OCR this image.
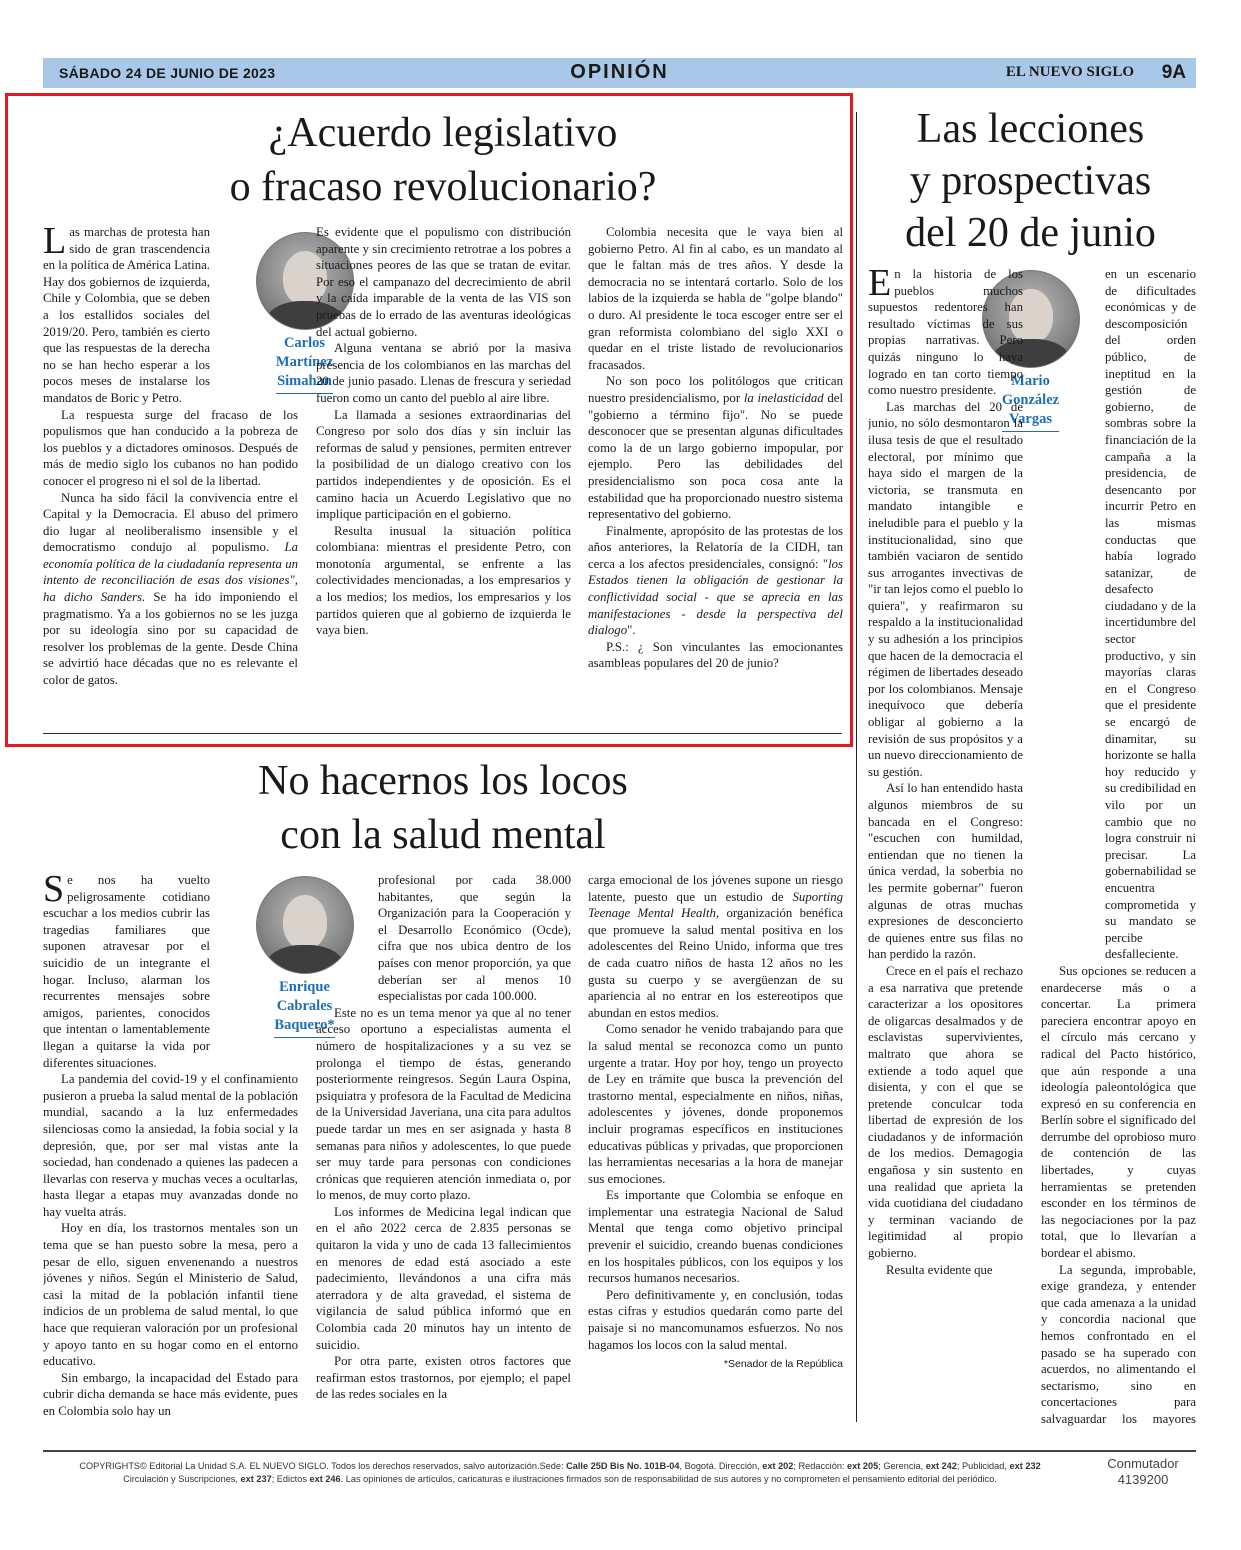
SÁBADO 24 DE JUNIO DE 2023	OPINIÓN	EL NUEVO SIGLO 9A
¿Acuerdo legislativo
o fracaso revolucionario?

Las marchas de protesta han sido de gran trascendencia en la política de América Latina. Hay dos gobiernos de izquierda, Chile y Colombia, que se deben a los estallidos sociales del 2019/20. Pero, también es cierto que las respuestas de la derecha no se han hecho esperar a los pocos meses de instalarse los mandatos de Boric y Petro.

La respuesta surge del fracaso de los populismos que han conducido a la pobreza de los pueblos y a dictadores ominosos. Después de más de medio siglo los cubanos no han podido conocer el progreso ni el sol de la libertad.

Nunca ha sido fácil la convivencia entre el Capital y la Democracia. El abuso del primero dio lugar al neoliberalismo insensible y el democratismo condujo al populismo. La economía política de la ciudadanía representa un intento de reconciliación de esas dos visiones", ha dicho Sanders. Se ha ido imponiendo el pragmatismo. Ya a los gobiernos no se les juzga por su ideología sino por su capacidad de resolver los problemas de la gente. Desde China se advirtió hace décadas que no es relevante el color de gatos.

Carlos
Martínez
Simahan

Es evidente que el populismo con distribución aparente y sin crecimiento retrotrae a los pobres a situaciones peores de las que se tratan de evitar. Por eso el campanazo del decrecimiento de abril y la caída imparable de la venta de las VIS son pruebas de lo errado de las aventuras ideológicas del actual gobierno.

Alguna ventana se abrió por la masiva presencia de los colombianos en las marchas del 20 de junio pasado. Llenas de frescura y seriedad fueron como un canto del pueblo al aire libre.

La llamada a sesiones extraordinarias del Congreso por solo dos días y sin incluir las reformas de salud y pensiones, permiten entrever la posibilidad de un dialogo creativo con los partidos independientes y de oposición. Es el camino hacia un Acuerdo Legislativo que no implique participación en el gobierno.

Resulta inusual la situación política colombiana: mientras el presidente Petro, con monotonía argumental, se enfrente a las colectividades mencionadas, a los empresarios y a los medios; los medios, los empresarios y los partidos quieren que al gobierno de izquierda le vaya bien.

Colombia necesita que le vaya bien al gobierno Petro. Al fin al cabo, es un mandato al que le faltan más de tres años. Y desde la democracia no se intentará cortarlo. Solo de los labios de la izquierda se habla de "golpe blando" o duro. Al presidente le toca escoger entre ser el gran reformista colombiano del siglo XXI o quedar en el triste listado de revolucionarios fracasados.

No son poco los politólogos que critican nuestro presidencialismo, por la inelasticidad del "gobierno a término fijo". No se puede desconocer que se presentan algunas dificultades como la de un largo gobierno impopular, por ejemplo. Pero las debilidades del presidencialismo son poca cosa ante la estabilidad que ha proporcionado nuestro sistema representativo del gobierno.

Finalmente, apropósito de las protestas de los años anteriores, la Relatoría de la CIDH, tan cerca a los afectos presidenciales, consignó: "los Estados tienen la obligación de gestionar la conflictividad social - que se aprecia en las manifestaciones - desde la perspectiva del dialogo".

P.S.: ¿ Son vinculantes las emocionantes asambleas populares del 20 de junio?

Las lecciones
y prospectivas
del 20 de junio
Mario
González
Vargas

En la historia de los pueblos muchos supuestos redentores han resultado víctimas de sus propias narrativas. Pero quizás ninguno lo haya logrado en tan corto tiempo como nuestro presidente.

Las marchas del 20 de junio, no sólo desmontaron la ilusa tesis de que el resultado electoral, por mínimo que haya sido el margen de la victoria, se transmuta en mandato intangible e ineludible para el pueblo y la institucionalidad, sino que también vaciaron de sentido sus arrogantes invectivas de "ir tan lejos como el pueblo lo quiera", y reafirmaron su respaldo a la institucionalidad y su adhesión a los principios que hacen de la democracia el régimen de libertades deseado por los colombianos. Mensaje inequívoco que debería obligar al gobierno a la revisión de sus propósitos y a un nuevo direccionamiento de su gestión.

Así lo han entendido hasta algunos miembros de su bancada en el Congreso: "escuchen con humildad, entiendan que no tienen la única verdad, la soberbia no les permite gobernar" fueron algunas de otras muchas expresiones de desconcierto de quienes entre sus filas no han perdido la razón.

Crece en el país el rechazo a esa narrativa que pretende caracterizar a los opositores de oligarcas desalmados y de esclavistas supervivientes, maltrato que ahora se extiende a todo aquel que disienta, y con el que se pretende conculcar toda libertad de expresión de los ciudadanos y de información de los medios. Demagogia engañosa y sin sustento en una realidad que aprieta la vida cuotidiana del ciudadano y terminan vaciando de legitimidad al propio gobierno.

Resulta evidente que

en un escenario de dificultades económicas y de descomposición del orden público, de ineptitud en la gestión de gobierno, de sombras sobre la financiación de la campaña a la presidencia, de desencanto por incurrir Petro en las mismas conductas que había logrado satanizar, de desafecto ciudadano y de la incertidumbre del sector productivo, y sin mayorías claras en el Congreso que el presidente se encargó de dinamitar, su horizonte se halla hoy reducido y su credibilidad en vilo por un cambio que no logra construir ni precisar. La gobernabilidad se encuentra comprometida y su mandato se percibe desfalleciente.

Sus opciones se reducen a enardecerse más o a concertar. La primera pareciera encontrar apoyo en el círculo más cercano y radical del Pacto histórico, que aún responde a una ideología paleontológica que expresó en su conferencia en Berlín sobre el significado del derrumbe del oprobioso muro de contención de las libertades, y cuyas herramientas se pretenden esconder en los términos de las negociaciones por la paz total, que lo llevarían a bordear el abismo.

La segunda, improbable, exige grandeza, y entender que cada amenaza a la unidad y concordia nacional que hemos confrontado en el pasado se ha superado con acuerdos, no alimentando el sectarismo, sino en concertaciones para salvaguardar los mayores

No hacernos los locos
con la salud mental

Se nos ha vuelto peligrosamente cotidiano escuchar a los medios cubrir las tragedias familiares que suponen atravesar por el suicidio de un integrante el hogar. Incluso, alarman los recurrentes mensajes sobre amigos, parientes, conocidos que intentan o lamentablemente llegan a quitarse la vida por diferentes situaciones.

La pandemia del covid-19 y el confinamiento pusieron a prueba la salud mental de la población mundial, sacando a la luz enfermedades silenciosas como la ansiedad, la fobia social y la depresión, que, por ser mal vistas ante la sociedad, han condenado a quienes las padecen a llevarlas con reserva y muchas veces a ocultarlas, hasta llegar a etapas muy avanzadas donde no hay vuelta atrás.

Hoy en día, los trastornos mentales son un tema que se han puesto sobre la mesa, pero a pesar de ello, siguen envenenando a nuestros jóvenes y niños. Según el Ministerio de Salud, casi la mitad de la población infantil tiene indicios de un problema de salud mental, lo que hace que requieran valoración por un profesional y apoyo tanto en su hogar como en el entorno educativo.

Sin embargo, la incapacidad del Estado para cubrir dicha demanda se hace más evidente, pues en Colombia solo hay un

Enrique
Cabrales
Baquero*

profesional por cada 38.000 habitantes, que según la Organización para la Cooperación y el Desarrollo Económico (Ocde), cifra que nos ubica dentro de los países con menor proporción, ya que deberían ser al menos 10 especialistas por cada 100.000.

Este no es un tema menor ya que al no tener acceso oportuno a especialistas aumenta el número de hospitalizaciones y a su vez se prolonga el tiempo de éstas, generando posteriormente reingresos. Según Laura Ospina, psiquiatra y profesora de la Facultad de Medicina de la Universidad Javeriana, una cita para adultos puede tardar un mes en ser asignada y hasta 8 semanas para niños y adolescentes, lo que puede ser muy tarde para personas con condiciones crónicas que requieren atención inmediata o, por lo menos, de muy corto plazo.

Los informes de Medicina legal indican que en el año 2022 cerca de 2.835 personas se quitaron la vida y uno de cada 13 fallecimientos en menores de edad está asociado a este padecimiento, llevándonos a una cifra más aterradora y de alta gravedad, el sistema de vigilancia de salud pública informó que en Colombia cada 20 minutos hay un intento de suicidio.

Por otra parte, existen otros factores que reafirman estos trastornos, por ejemplo; el papel de las redes sociales en la

carga emocional de los jóvenes supone un riesgo latente, puesto que un estudio de Suporting Teenage Mental Health, organización benéfica que promueve la salud mental positiva en los adolescentes del Reino Unido, informa que tres de cada cuatro niños de hasta 12 años no les gusta su cuerpo y se avergüenzan de su apariencia al no entrar en los estereotipos que abundan en estos medios.

Como senador he venido trabajando para que la salud mental se reconozca como un punto urgente a tratar. Hoy por hoy, tengo un proyecto de Ley en trámite que busca la prevención del trastorno mental, especialmente en niños, niñas, adolescentes y jóvenes, donde proponemos incluir programas específicos en instituciones educativas públicas y privadas, que proporcionen las herramientas necesarias a la hora de manejar sus emociones.

Es importante que Colombia se enfoque en implementar una estrategia Nacional de Salud Mental que tenga como objetivo principal prevenir el suicidio, creando buenas condiciones en los hospitales públicos, con los equipos y los recursos humanos necesarios.

Pero definitivamente y, en conclusión, todas estas cifras y estudios quedarán como parte del paisaje si no mancomunamos esfuerzos. No nos hagamos los locos con la salud mental.

*Senador de la República

COPYRIGHTS© Editorial La Unidad S.A. EL NUEVO SIGLO. Todos los derechos reservados, salvo autorización.Sede: Calle 25D Bis No. 101B-04, Bogotá. Dirección, ext 202; Redacción: ext 205; Gerencia, ext 242; Publicidad, ext 232
Circulación y Suscripciones, ext 237; Edictos ext 246. Las opiniones de artículos, caricaturas e ilustraciones firmados son de responsabilidad de sus autores y no comprometen el pensamiento editorial del periódico.
Conmutador
4139200
